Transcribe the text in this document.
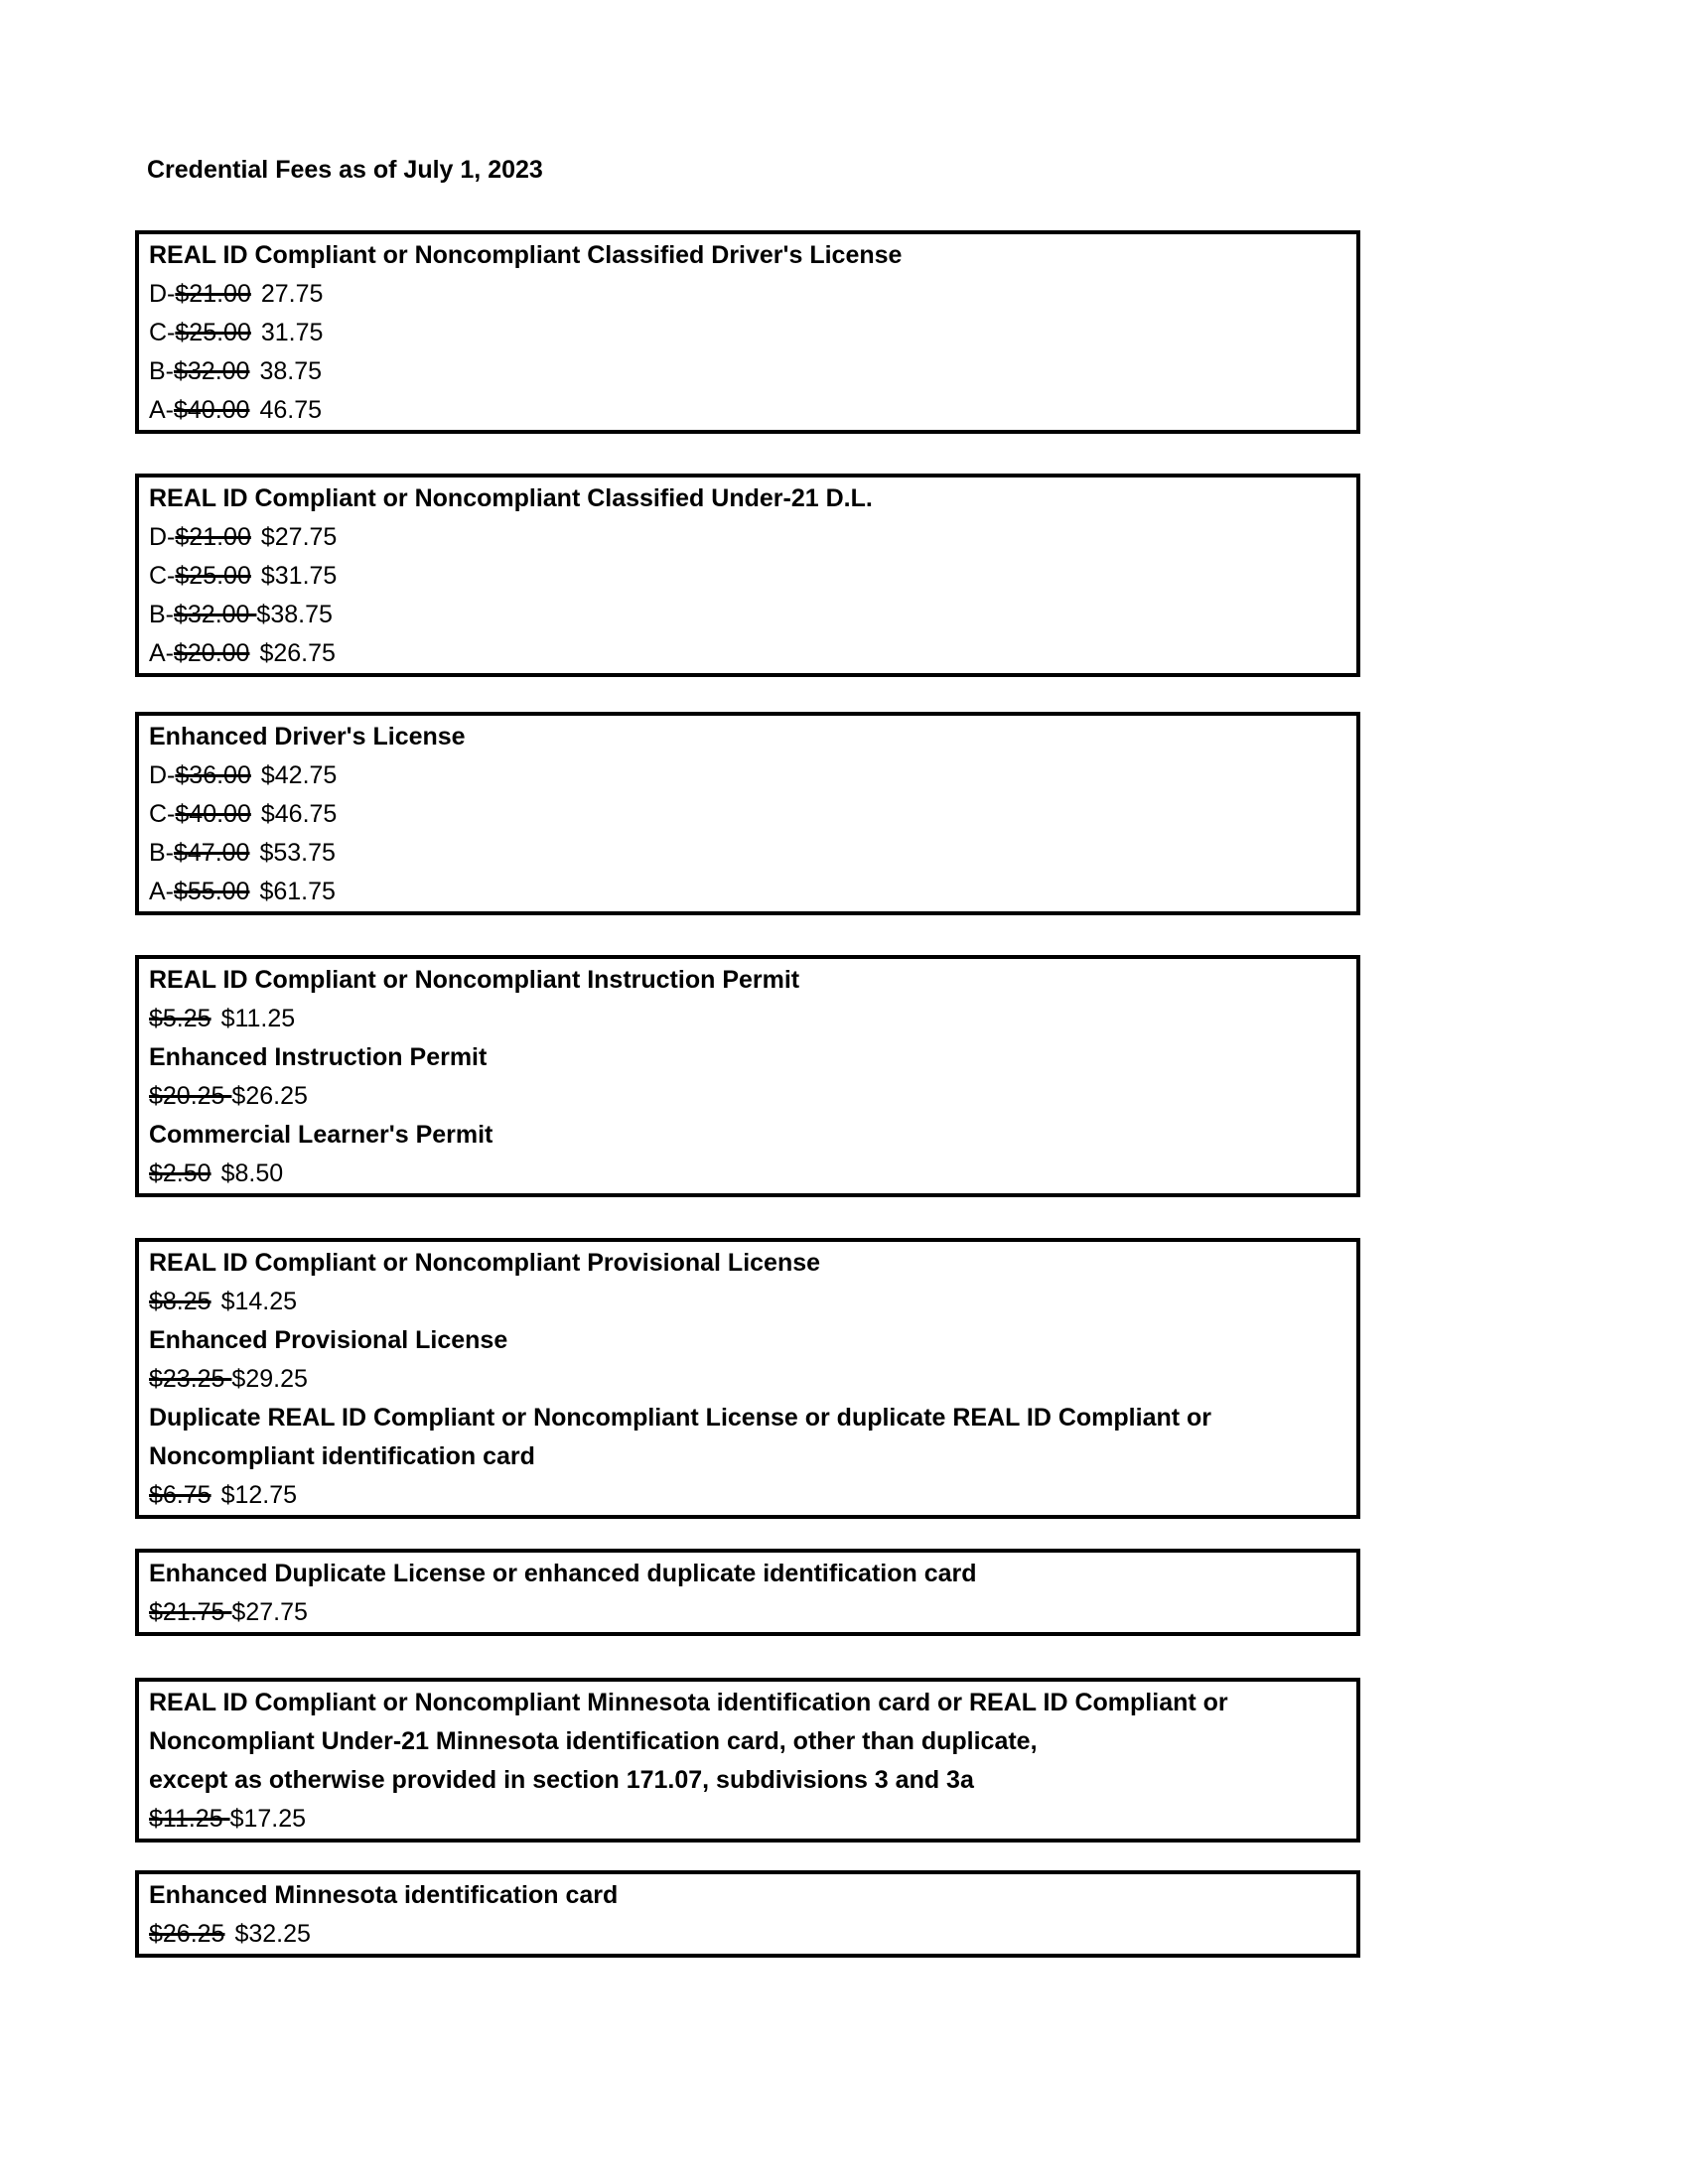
Credential Fees as of July 1, 2023
REAL ID Compliant or Noncompliant Classified Driver's License
D-$21.00 27.75
C-$25.00 31.75
B-$32.00 38.75
A-$40.00 46.75
REAL ID Compliant or Noncompliant Classified Under-21 D.L.
D-$21.00 $27.75
C-$25.00 $31.75
B-$32.00 $38.75
A-$20.00 $26.75
Enhanced Driver's License
D-$36.00 $42.75
C-$40.00 $46.75
B-$47.00 $53.75
A-$55.00 $61.75
REAL ID Compliant or Noncompliant Instruction Permit
$5.25 $11.25
Enhanced Instruction Permit
$20.25 $26.25
Commercial Learner's Permit
$2.50 $8.50
REAL ID Compliant or Noncompliant Provisional License
$8.25 $14.25
Enhanced Provisional License
$23.25 $29.25
Duplicate REAL ID Compliant or Noncompliant License or duplicate REAL ID Compliant or
Noncompliant identification card
$6.75 $12.75
Enhanced Duplicate License or enhanced duplicate identification card
$21.75 $27.75
REAL ID Compliant or Noncompliant Minnesota identification card or REAL ID Compliant or
Noncompliant Under-21 Minnesota identification card, other than duplicate,
except as otherwise provided in section 171.07, subdivisions 3 and 3a
$11.25 $17.25
Enhanced Minnesota identification card
$26.25 $32.25
